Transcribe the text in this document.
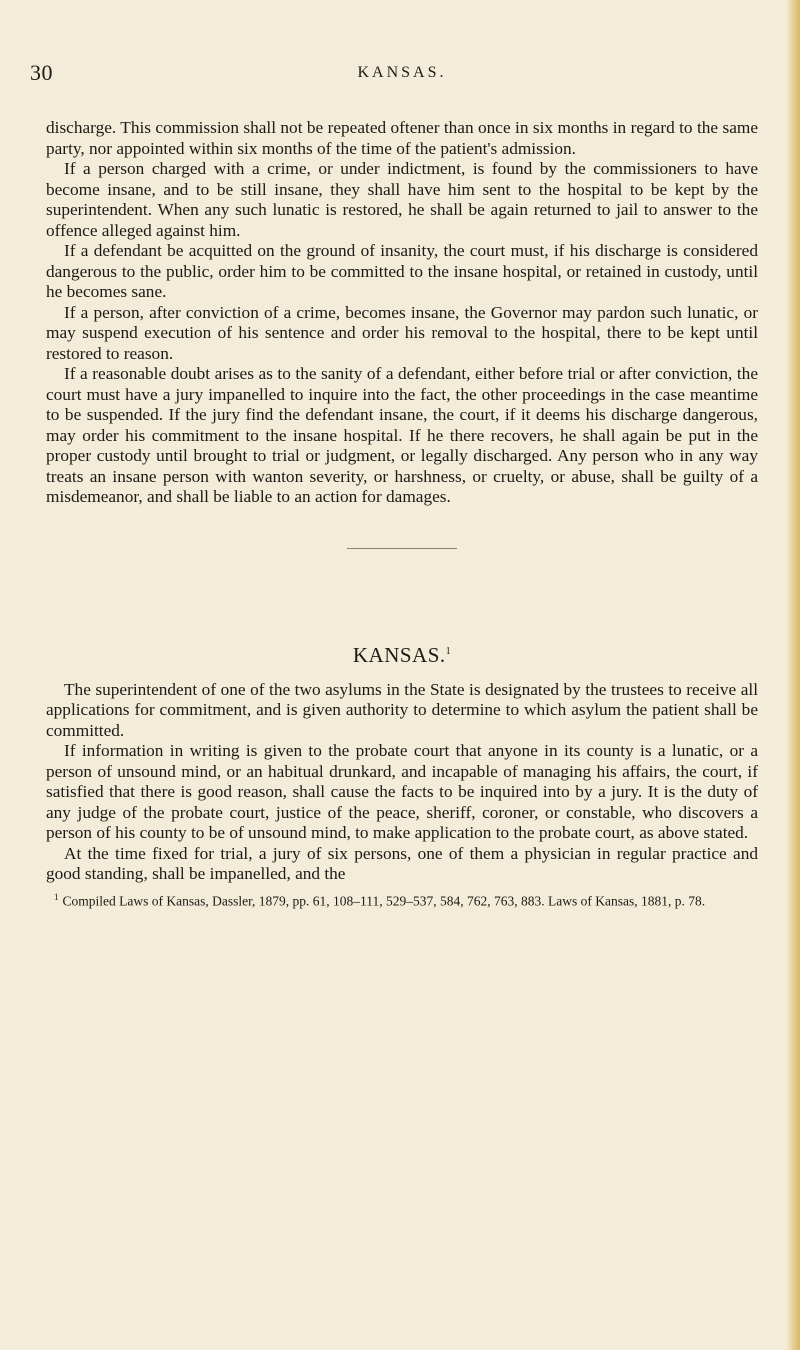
30	KANSAS.

discharge. This commission shall not be repeated oftener than once in six months in regard to the same party, nor appointed within six months of the time of the patient's admission.

If a person charged with a crime, or under indictment, is found by the commissioners to have become insane, and to be still insane, they shall have him sent to the hospital to be kept by the superintendent. When any such lunatic is restored, he shall be again returned to jail to answer to the offence alleged against him.

If a defendant be acquitted on the ground of insanity, the court must, if his discharge is considered dangerous to the public, order him to be committed to the insane hospital, or retained in custody, until he becomes sane.

If a person, after conviction of a crime, becomes insane, the Governor may pardon such lunatic, or may suspend execution of his sentence and order his removal to the hospital, there to be kept until restored to reason.

If a reasonable doubt arises as to the sanity of a defendant, either before trial or after conviction, the court must have a jury impanelled to inquire into the fact, the other proceedings in the case meantime to be suspended. If the jury find the defendant insane, the court, if it deems his discharge dangerous, may order his commitment to the insane hospital. If he there recovers, he shall again be put in the proper custody until brought to trial or judgment, or legally discharged. Any person who in any way treats an insane person with wanton severity, or harshness, or cruelty, or abuse, shall be guilty of a misdemeanor, and shall be liable to an action for damages.

KANSAS.$^1$

The superintendent of one of the two asylums in the State is designated by the trustees to receive all applications for commitment, and is given authority to determine to which asylum the patient shall be committed.

If information in writing is given to the probate court that anyone in its county is a lunatic, or a person of unsound mind, or an habitual drunkard, and incapable of managing his affairs, the court, if satisfied that there is good reason, shall cause the facts to be inquired into by a jury. It is the duty of any judge of the probate court, justice of the peace, sheriff, coroner, or constable, who discovers a person of his county to be of unsound mind, to make application to the probate court, as above stated.

At the time fixed for trial, a jury of six persons, one of them a physician in regular practice and good standing, shall be impanelled, and the

$^1$ Compiled Laws of Kansas, Dassler, 1879, pp. 61, 108–111, 529–537, 584, 762, 763, 883. Laws of Kansas, 1881, p. 78.
